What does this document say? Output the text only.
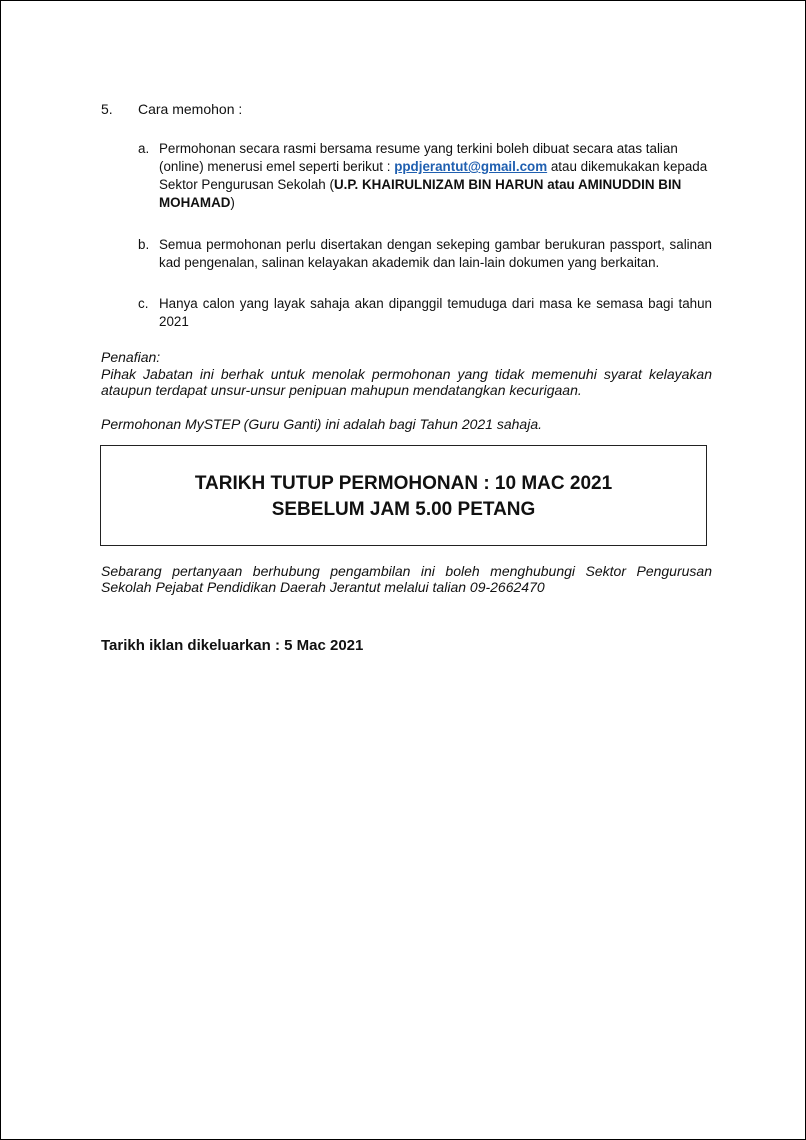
5. Cara memohon :
a. Permohonan secara rasmi bersama resume yang terkini boleh dibuat secara atas talian (online) menerusi emel seperti berikut : ppdjerantut@gmail.com atau dikemukakan kepada Sektor Pengurusan Sekolah (U.P. KHAIRULNIZAM BIN HARUN atau AMINUDDIN BIN MOHAMAD)
b. Semua permohonan perlu disertakan dengan sekeping gambar berukuran passport, salinan kad pengenalan, salinan kelayakan akademik dan lain-lain dokumen yang berkaitan.
c. Hanya calon yang layak sahaja akan dipanggil temuduga dari masa ke semasa bagi tahun 2021
Penafian:
Pihak Jabatan ini berhak untuk menolak permohonan yang tidak memenuhi syarat kelayakan ataupun terdapat unsur-unsur penipuan mahupun mendatangkan kecurigaan.
Permohonan MySTEP (Guru Ganti) ini adalah bagi Tahun 2021 sahaja.
TARIKH TUTUP PERMOHONAN : 10 MAC 2021
SEBELUM JAM 5.00 PETANG
Sebarang pertanyaan berhubung pengambilan ini boleh menghubungi Sektor Pengurusan Sekolah Pejabat Pendidikan Daerah Jerantut melalui talian 09-2662470
Tarikh iklan dikeluarkan : 5 Mac 2021
